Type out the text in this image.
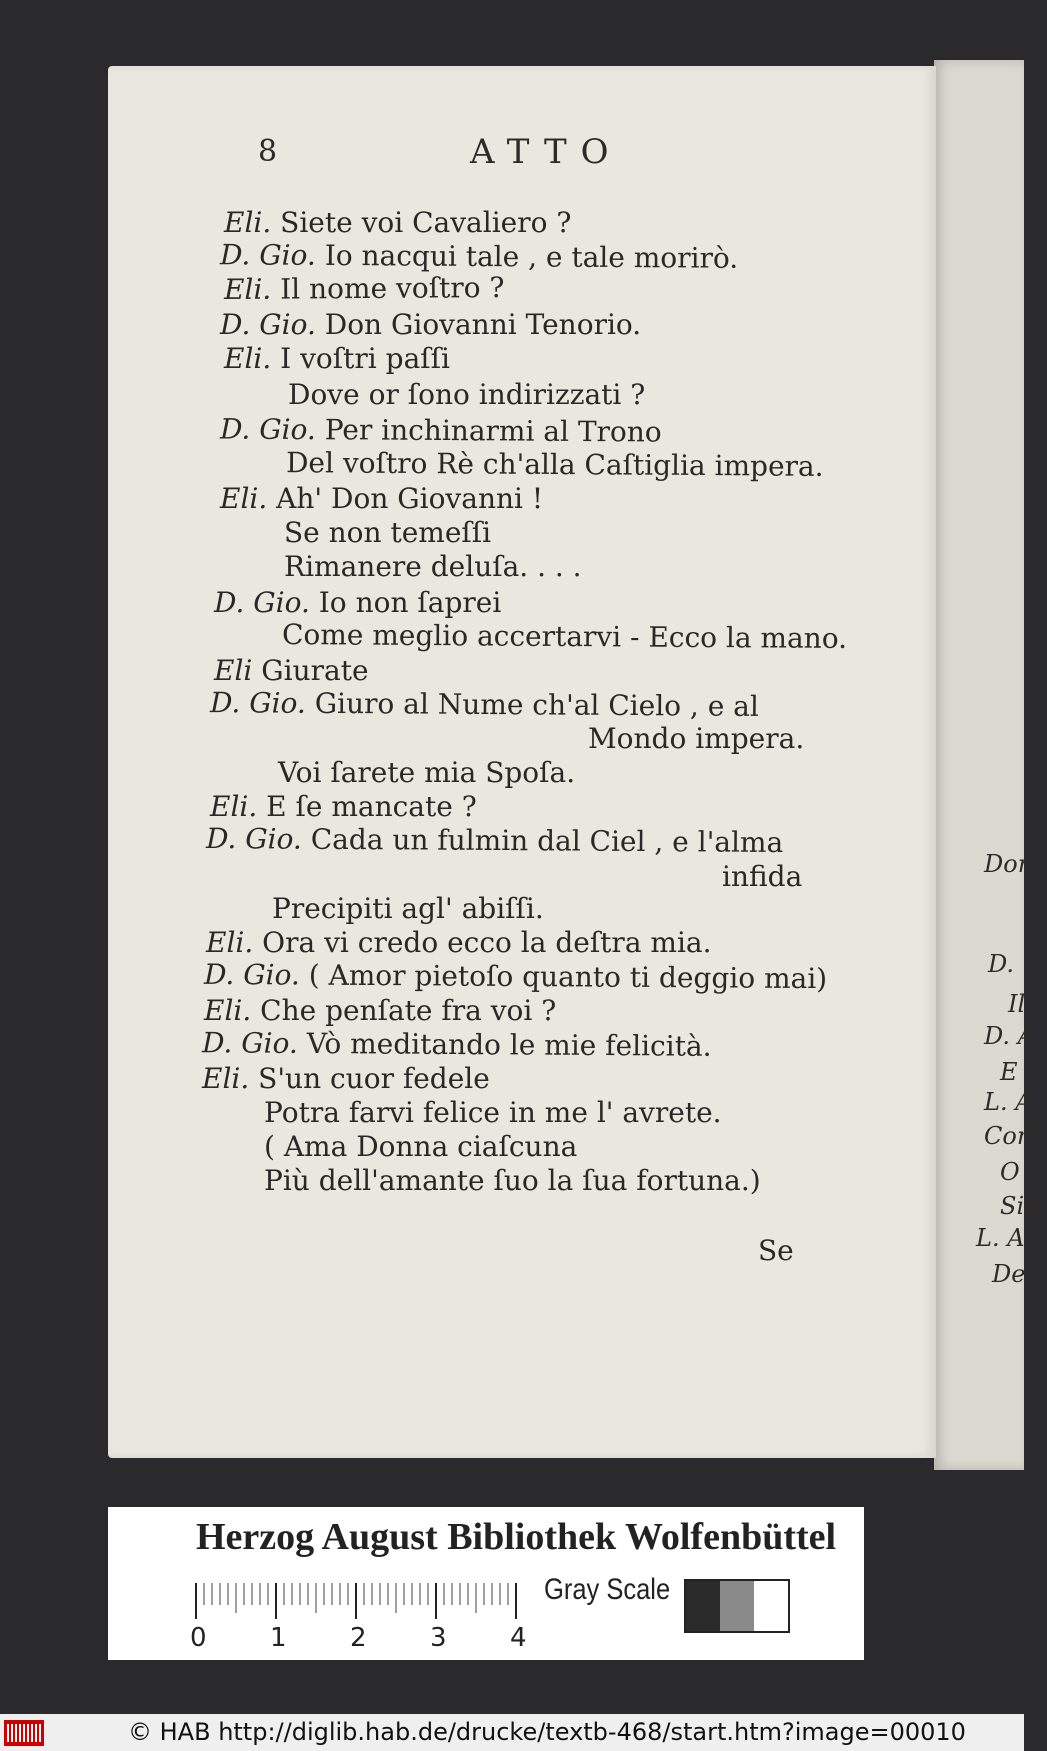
Don
D.
Il
D. A
E
L. A
Com.
O
Sig
L. A
De
8	ATTO
Eli. Siete voi Cavaliero ?
D. Gio. Io nacqui tale , e tale morirò.
Eli. Il nome voſtro ?
D. Gio. Don Giovanni Tenorio.
Eli. I voſtri paſſi
Dove or ſono indirizzati ?
D. Gio. Per inchinarmi al Trono
Del voſtro Rè ch'alla Caſtiglia impera.
Eli. Ah' Don Giovanni !
Se non temeſſi
Rimanere deluſa. . . .
D. Gio. Io non ſaprei
Come meglio accertarvi - Ecco la mano.
Eli Giurate
D. Gio. Giuro al Nume ch'al Cielo , e al
Mondo impera.
Voi ſarete mia Spoſa.
Eli. E ſe mancate ?
D. Gio. Cada un fulmin dal Ciel , e l'alma
infida
Precipiti agl' abiſſi.
Eli. Ora vi credo ecco la deſtra mia.
D. Gio. ( Amor pietoſo quanto ti deggio mai)
Eli. Che penſate fra voi ?
D. Gio. Vò meditando le mie felicità.
Eli. S'un cuor fedele
Potra farvi felice in me l' avrete.
( Ama Donna ciaſcuna
Più dell'amante ſuo la ſua fortuna.)
Se
Herzog August Bibliothek Wolfenbüttel
0 1 2 3 4
Gray Scale
© HAB http://diglib.hab.de/drucke/textb-468/start.htm?image=00010
